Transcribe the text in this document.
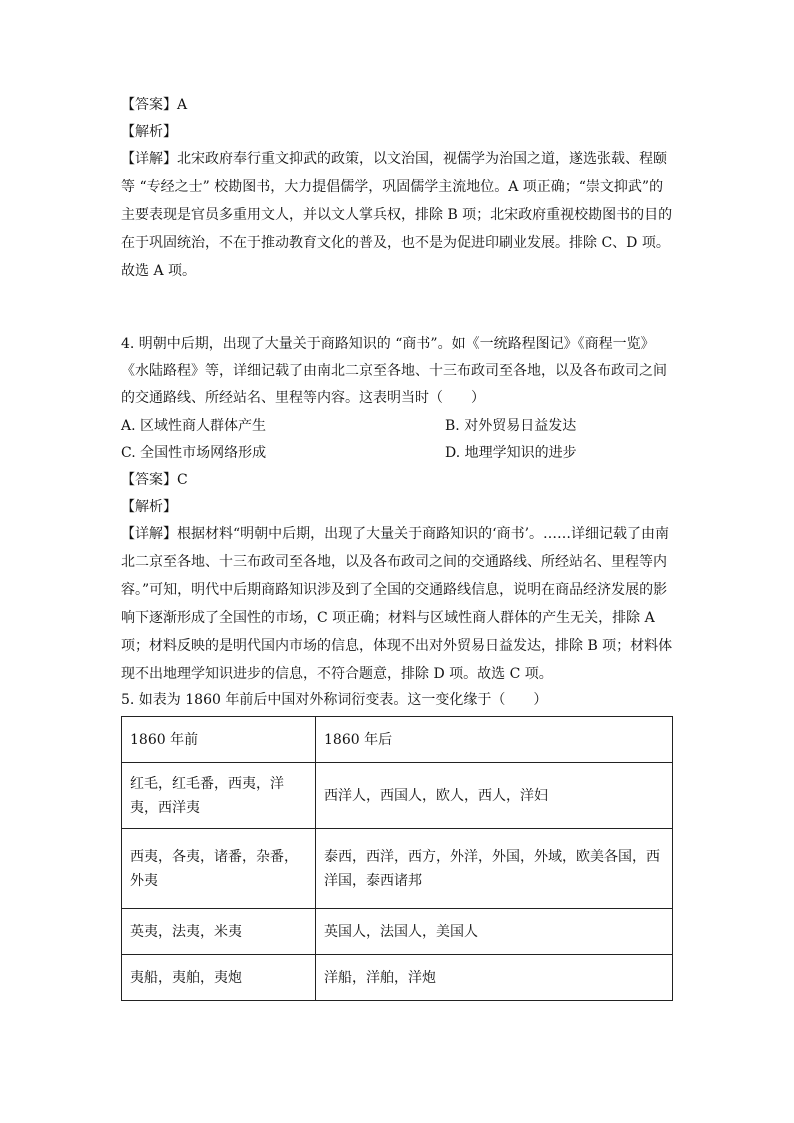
【答案】A
【解析】
【详解】北宋政府奉行重文抑武的政策，以文治国，视儒学为治国之道，遂选张载、程颐
等 “专经之士” 校勘图书，大力提倡儒学，巩固儒学主流地位。A 项正确；“崇文抑武”的
主要表现是官员多重用文人，并以文人掌兵权，排除 B 项；北宋政府重视校勘图书的目的
在于巩固统治，不在于推动教育文化的普及，也不是为促进印刷业发展。排除 C、D 项。
故选 A 项。
4. 明朝中后期，出现了大量关于商路知识的 “商书”。如《一统路程图记》《商程一览》
《水陆路程》等，详细记载了由南北二京至各地、十三布政司至各地，以及各布政司之间
的交通路线、所经站名、里程等内容。这表明当时（　　）
A. 区域性商人群体产生	B. 对外贸易日益发达
C. 全国性市场网络形成	D. 地理学知识的进步
【答案】C
【解析】
【详解】根据材料“明朝中后期，出现了大量关于商路知识的‘商书’。……详细记载了由南
北二京至各地、十三布政司至各地，以及各布政司之间的交通路线、所经站名、里程等内
容。”可知，明代中后期商路知识涉及到了全国的交通路线信息，说明在商品经济发展的影
响下逐渐形成了全国性的市场，C 项正确；材料与区域性商人群体的产生无关，排除 A
项；材料反映的是明代国内市场的信息，体现不出对外贸易日益发达，排除 B 项；材料体
现不出地理学知识进步的信息，不符合题意，排除 D 项。故选 C 项。
5. 如表为 1860 年前后中国对外称词衍变表。这一变化缘于（　　）
1860 年前	1860 年后
红毛，红毛番，西夷，洋夷，西洋夷	西洋人，西国人，欧人，西人，洋妇
西夷，各夷，诸番，杂番，外夷	泰西，西洋，西方，外洋，外国，外域，欧美各国，西洋国，泰西诸邦
英夷，法夷，米夷	英国人，法国人，美国人
夷船，夷舶，夷炮	洋船，洋舶，洋炮
